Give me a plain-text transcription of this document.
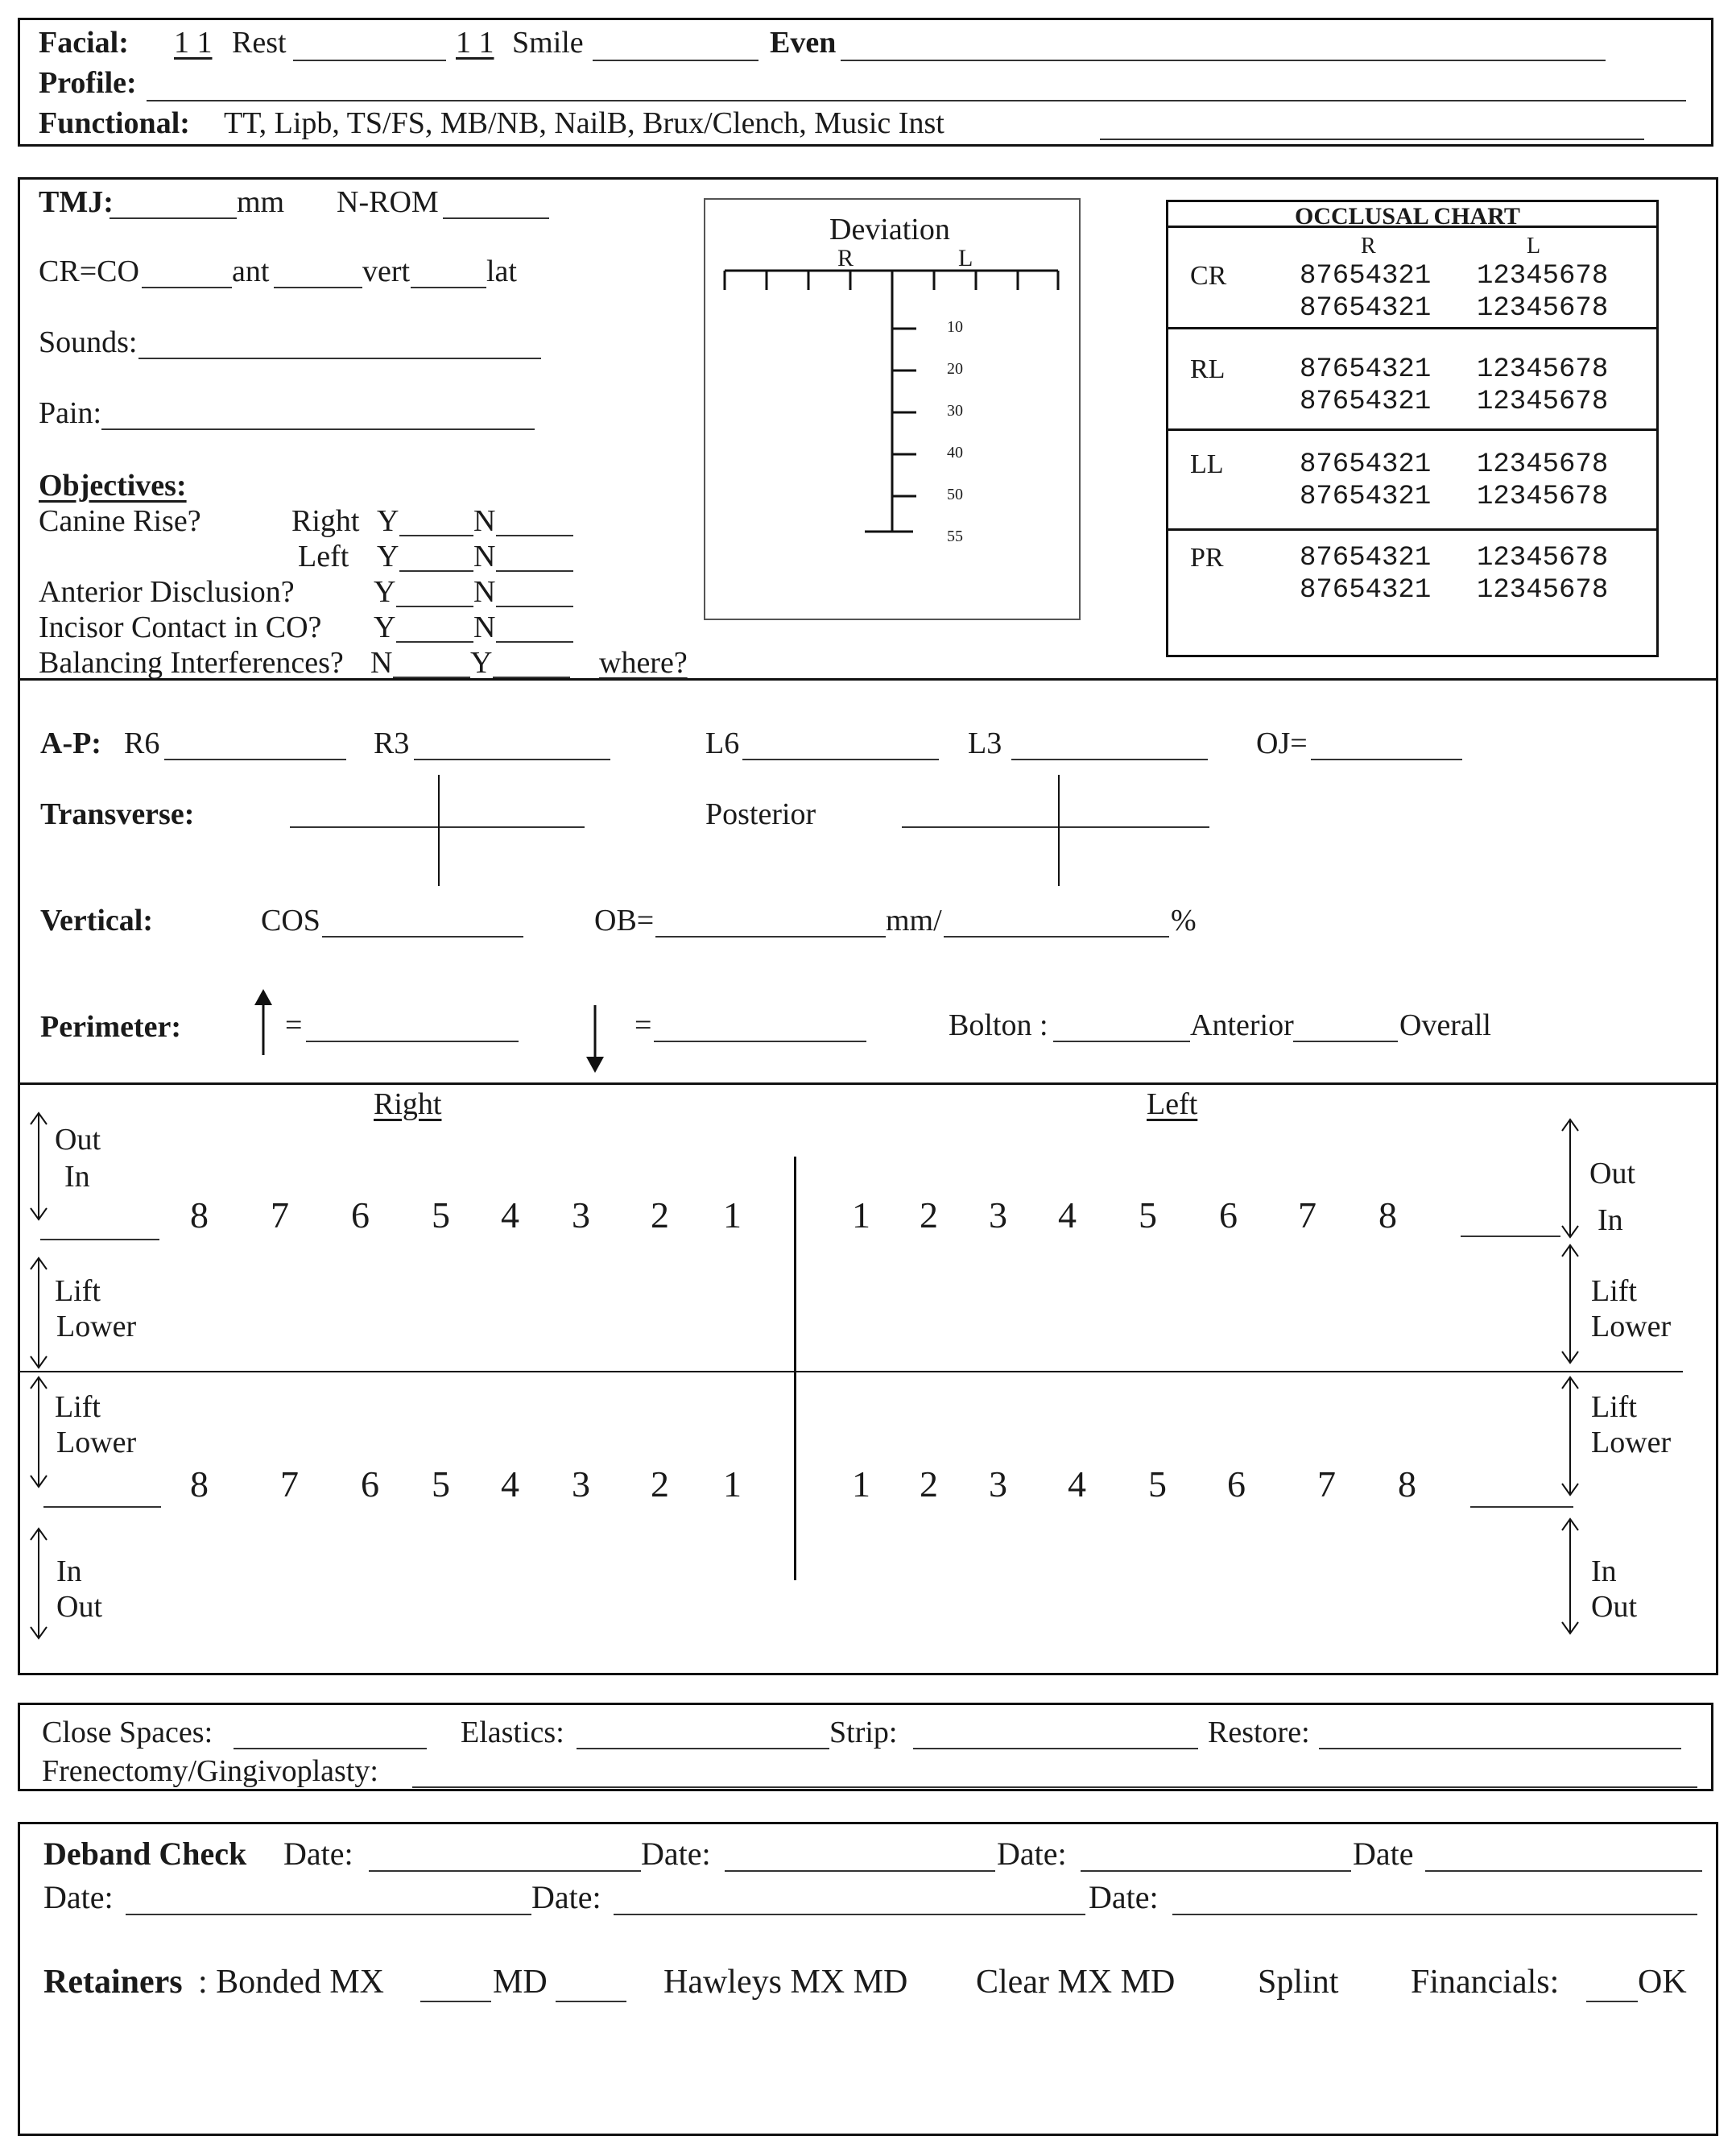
Facial: 1 1 Rest	1 1 Smile	Even
Profile:
Functional: TT, Lipb, TS/FS, MB/NB, NailB, Brux/Clench, Music Inst
TMJ:	mm N-ROM
CR=CO	ant	vert lat
Sounds:
Pain:
Objectives:
Canine Rise?	Right Y N
Left Y N
Anterior Disclusion?	Y	N
Incisor Contact in CO? Y	N
Balancing Interferences? N	Y	where?
Deviation
R	L
10
20
30
40
50
55
OCCLUSAL CHART
R	L
CR	87654321 12345678
87654321 12345678
RL	87654321 12345678
87654321 12345678
LL	87654321 12345678
87654321 12345678
PR	87654321 12345678
87654321 12345678
A-P: R6	R3	L6	L3	OJ=
Transverse:	Posterior
Vertical:	COS	OB=	mm/	%
Perimeter:	=	=	Bolton :	Anterior	Overall
Right	Left
Out
In
Lift
Lower
Lift
Lower
In
Out
Out
In
Lift
Lower
Lift
Lower
In
Out
8 7 6 5 4 3 2 1	1 2 3 4 5 6 7 8
8 7 6 5 4 3 2 1	1 2 3 4 5 6 7 8
Close Spaces:	Elastics:	Strip:	Restore:
Frenectomy/Gingivoplasty:
Deband Check Date:	Date:	Date:	Date
Date:	Date:	Date:
Retainers : Bonded MX	MD	Hawleys MX MD Clear MX MD Splint Financials: OK
